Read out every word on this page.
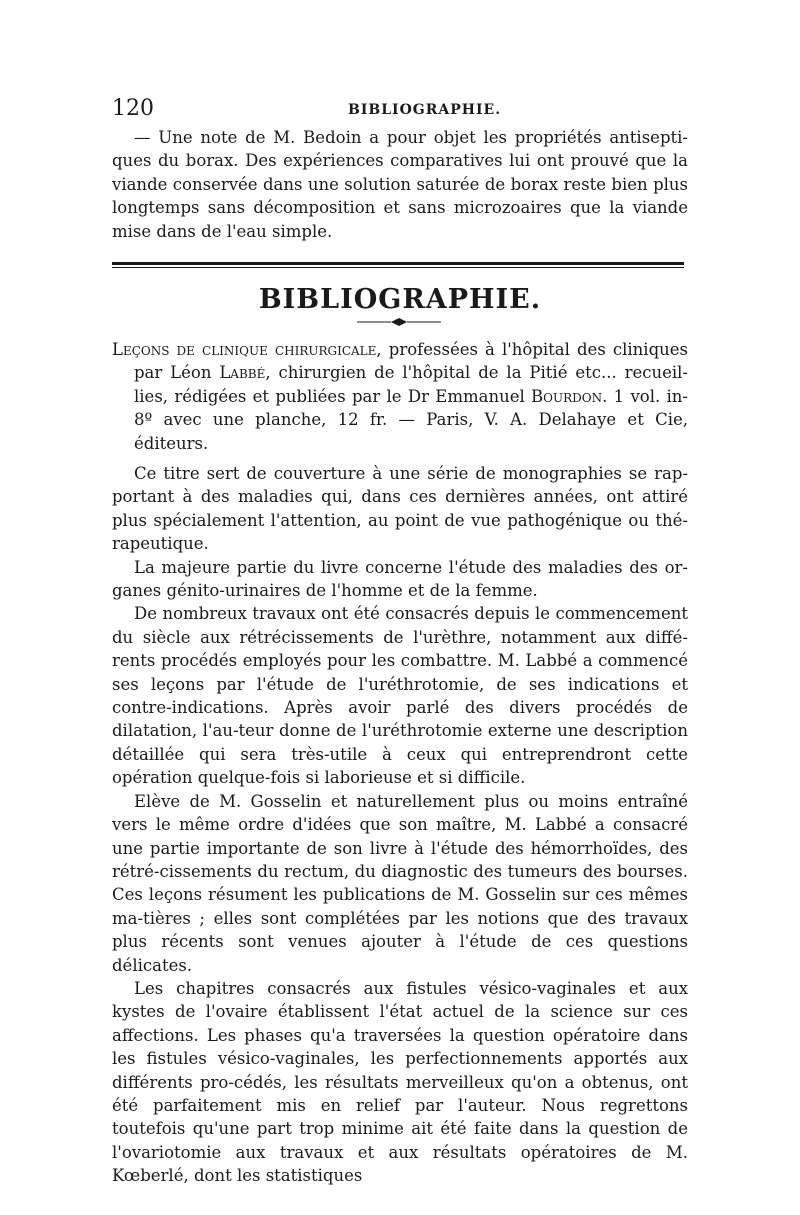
120	BIBLIOGRAPHIE.

— Une note de M. Bedoin a pour objet les propriétés antisepti-ques du borax. Des expériences comparatives lui ont prouvé que la viande conservée dans une solution saturée de borax reste bien plus longtemps sans décomposition et sans microzoaires que la viande mise dans de l'eau simple.

BIBLIOGRAPHIE.

Leçons de clinique chirurgicale, professées à l'hôpital des cliniques par Léon Labbé, chirurgien de l'hôpital de la Pitié etc... recueil-lies, rédigées et publiées par le Dr Emmanuel Bourdon. 1 vol. in-8º avec une planche, 12 fr. — Paris, V. A. Delahaye et Cie, éditeurs.

Ce titre sert de couverture à une série de monographies se rap-portant à des maladies qui, dans ces dernières années, ont attiré plus spécialement l'attention, au point de vue pathogénique ou thé-rapeutique.

La majeure partie du livre concerne l'étude des maladies des or-ganes génito-urinaires de l'homme et de la femme.

De nombreux travaux ont été consacrés depuis le commencement du siècle aux rétrécissements de l'urèthre, notamment aux diffé-rents procédés employés pour les combattre. M. Labbé a commencé ses leçons par l'étude de l'uréthrotomie, de ses indications et contre-indications. Après avoir parlé des divers procédés de dilatation, l'au-teur donne de l'uréthrotomie externe une description détaillée qui sera très-utile à ceux qui entreprendront cette opération quelque-fois si laborieuse et si difficile.

Elève de M. Gosselin et naturellement plus ou moins entraîné vers le même ordre d'idées que son maître, M. Labbé a consacré une partie importante de son livre à l'étude des hémorrhoïdes, des rétré-cissements du rectum, du diagnostic des tumeurs des bourses. Ces leçons résument les publications de M. Gosselin sur ces mêmes ma-tières ; elles sont complétées par les notions que des travaux plus récents sont venues ajouter à l'étude de ces questions délicates.

Les chapitres consacrés aux fistules vésico-vaginales et aux kystes de l'ovaire établissent l'état actuel de la science sur ces affections. Les phases qu'a traversées la question opératoire dans les fistules vésico-vaginales, les perfectionnements apportés aux différents pro-cédés, les résultats merveilleux qu'on a obtenus, ont été parfaitement mis en relief par l'auteur. Nous regrettons toutefois qu'une part trop minime ait été faite dans la question de l'ovariotomie aux travaux et aux résultats opératoires de M. Kœberlé, dont les statistiques
